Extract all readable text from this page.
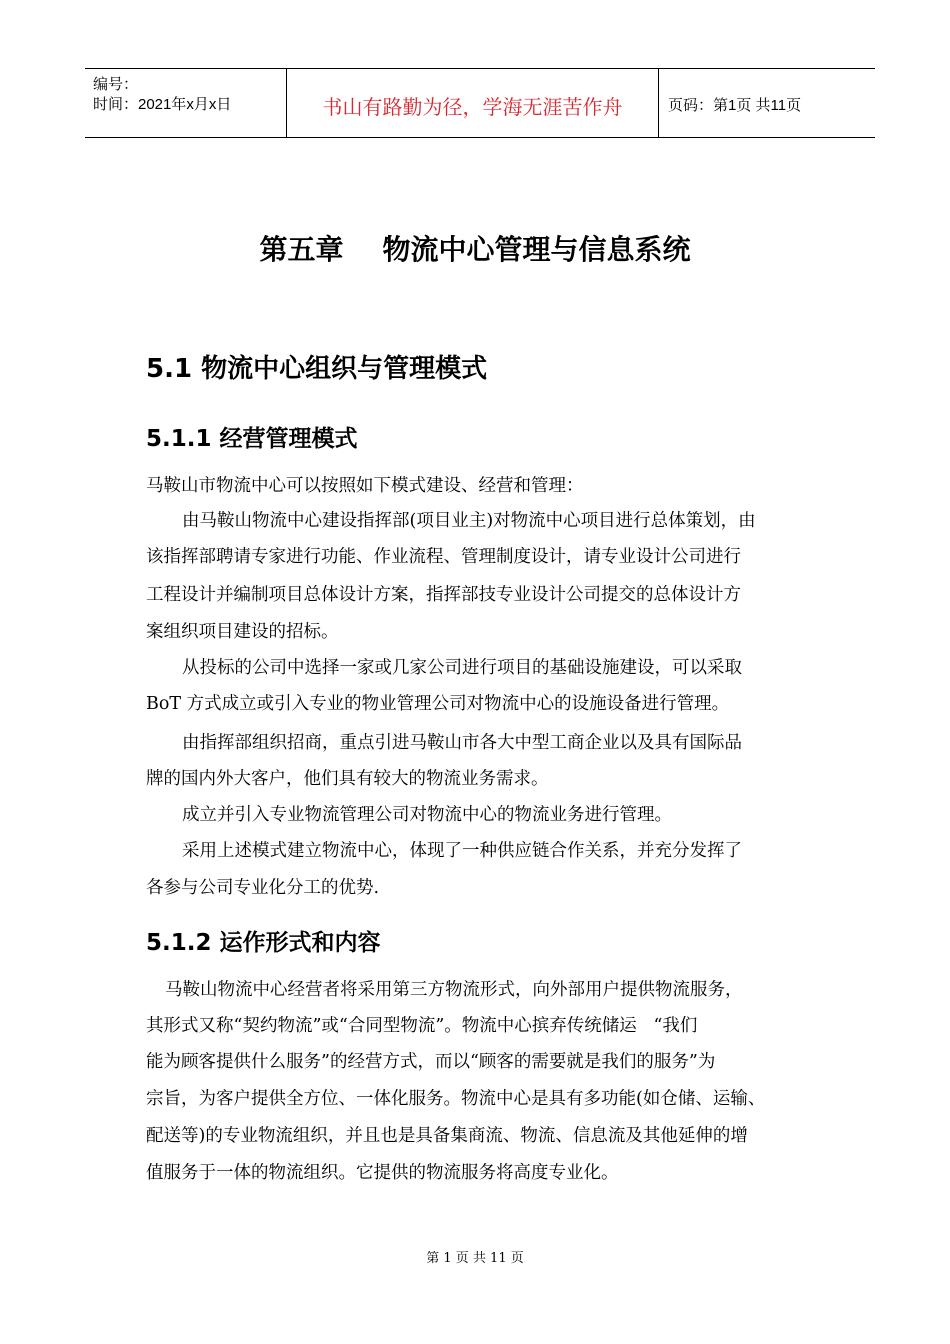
编号：
时间：2021年x月x日	书山有路勤为径，学海无涯苦作舟	页码：第1页 共11页
第五章    物流中心管理与信息系统
5.1 物流中心组织与管理模式
5.1.1 经营管理模式
马鞍山市物流中心可以按照如下模式建设、经营和管理：
由马鞍山物流中心建设指挥部(项目业主)对物流中心项目进行总体策划，由
该指挥部聘请专家进行功能、作业流程、管理制度设计，请专业设计公司进行
工程设计并编制项目总体设计方案，指挥部技专业设计公司提交的总体设计方
案组织项目建设的招标。
从投标的公司中选择一家或几家公司进行项目的基础设施建设，可以采取
BoT 方式成立或引入专业的物业管理公司对物流中心的设施设备进行管理。
由指挥部组织招商，重点引进马鞍山市各大中型工商企业以及具有国际品
牌的国内外大客户，他们具有较大的物流业务需求。
成立并引入专业物流管理公司对物流中心的物流业务进行管理。
采用上述模式建立物流中心，体现了一种供应链合作关系，并充分发挥了
各参与公司专业化分工的优势.
5.1.2 运作形式和内容
马鞍山物流中心经营者将采用第三方物流形式，向外部用户提供物流服务，
其形式又称“契约物流”或“合同型物流”。物流中心摈弃传统储运   “我们
能为顾客提供什么服务”的经营方式，而以“顾客的需要就是我们的服务”为
宗旨，为客户提供全方位、一体化服务。物流中心是具有多功能(如仓储、运输、
配送等)的专业物流组织，并且也是具备集商流、物流、信息流及其他延伸的增
值服务于一体的物流组织。它提供的物流服务将高度专业化。
第 1 页 共 11 页
